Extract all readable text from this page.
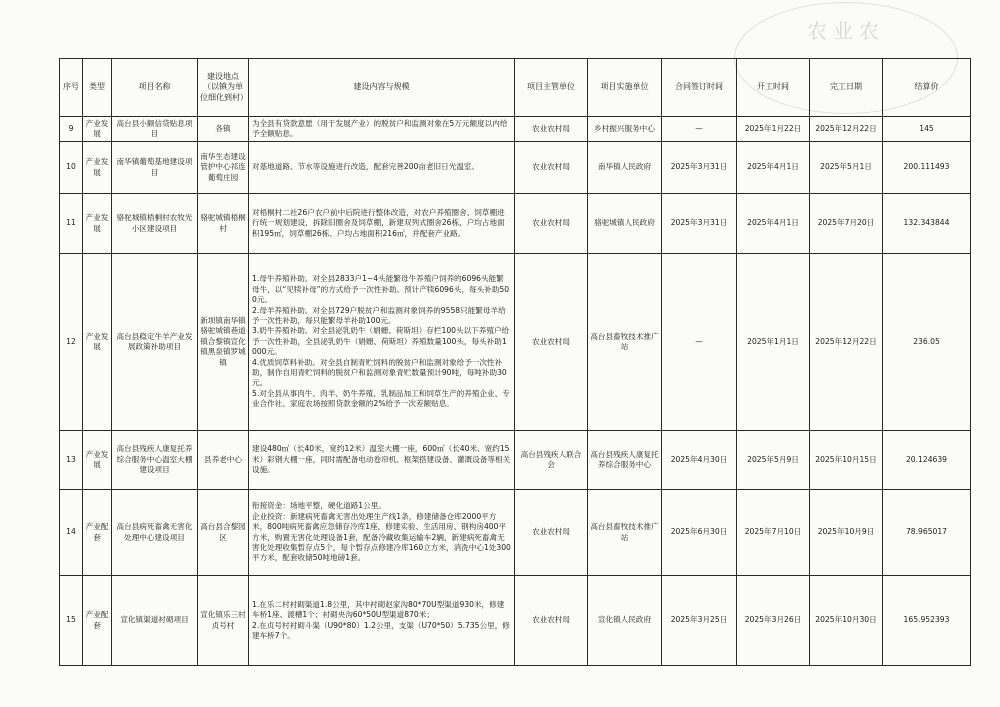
农业农
序号	类型	项目名称	建设地点（以镇为单位细化到村）	建设内容与规模	项目主管单位	项目实施单位	合同签订时间	开工时间	完工日期	结算价
9	产业发展	高台县小额信贷贴息项目	各镇	为全县有贷款意愿（用于发展产业）的脱贫户和监测对象在5万元额度以内给予全额贴息。	农业农村局	乡村振兴服务中心	—	2025年1月22日	2025年12月22日	145
10	产业发展	南华镇葡萄基地建设项目	南华生态建设管护中心祁连葡萄庄园	对基地道路、节水等设施进行改造，配套完善200亩老旧日光温室。	农业农村局	南华镇人民政府	2025年3月31日	2025年4月1日	2025年5月1日	200.111493
11	产业发展	骆驼城镇梧桐村农牧光小区建设项目	骆驼城镇梧桐村	对梧桐村二社26户农户前中后院进行整体改造，对农户养殖圈舍、饲草棚进行统一规划建设，拆除旧圈舍及饲草棚，新建双列式圈舍26栋，户均占地面积195㎡，饲草棚26栋、户均占地面积216㎡，并配套产业路。	农业农村局	骆驼城镇人民政府	2025年3月31日	2025年4月1日	2025年7月20日	132.343844
12	产业发展	高台县稳定牛羊产业发展政策补助项目	新坝镇南华镇骆驼城镇巷道镇合黎镇宣化镇黑泉镇罗城镇	1.母牛养殖补助。对全县2833户1~4头能繁母牛养殖户饲养的6096头能繁母牛，以“见犊补母”的方式给予一次性补助。预计产犊6096头，每头补助500元。
2.母羊养殖补助。对全县729户脱贫户和监测对象饲养的9558只能繁母羊给予一次性补助，每只能繁母羊补助100元。
3.奶牛养殖补助。对全县泌乳奶牛（娟姗、荷斯坦）存栏100头以下养殖户给予一次性补助，全县泌乳奶牛（娟姗、荷斯坦）养殖数量100头，每头补助1000元。
4.优质饲草料补助。对全县自制青贮饲料的脱贫户和监测对象给予一次性补助，制作自用青贮饲料的脱贫户和监测对象青贮数量预计90吨，每吨补助30元。
5.对全县从事肉牛、肉羊、奶牛养殖、乳制品加工和饲草生产的养殖企业、专业合作社、家庭农场按照贷款金额的2%给予一次差额贴息。	农业农村局	高台县畜牧技术推广站	—	2025年1月1日	2025年12月22日	236.05
13	产业发展	高台县残疾人康复托养综合服务中心温室大棚建设项目	县养老中心	建设480㎡（长40米，宽约12米）温室大棚一座，600㎡（长40米、宽约15米）彩钢大棚一座，同时需配备电动卷帘机、框架搭建设备、灌溉设备等相关设施。	高台县残疾人联合会	高台县残疾人康复托养综合服务中心	2025年4月30日	2025年5月9日	2025年10月15日	20.124639
14	产业配套	高台县病死畜禽无害化处理中心建设项目	高台县合黎园区	衔接资金：场地平整，硬化道路1公里。
企业投资：新建病死畜禽无害出处理生产线1条，修建储备仓库2000平方米，800吨病死畜禽应急储存冷库1座，修建实验、生活用房、钢构房400平方米，购置无害化处理设备1套，配备冷藏收集运输车2辆，新建病死畜禽无害化处理收集暂存点5个，每个暂存点修建冷库160立方米，消洗中心1处300平方米，配套收储50吨地磅1套。	农业农村局	高台县畜牧技术推广站	2025年6月30日	2025年7月10日	2025年10月9日	78.965017
15	产业配套	宣化镇渠道衬砌项目	宣化镇乐三村贞号村	1.在乐二村衬砌渠道1.8公里，其中衬砌赵家沟80*70U型渠道930米，修建车桥1座、渡槽1个；衬砌央沟60*50U型渠道870米；
2.在贞号村衬砌斗渠（U90*80）1.2公里，支渠（U70*50）5.735公里，修建车桥7个。	农业农村局	宣化镇人民政府	2025年3月25日	2025年3月26日	2025年10月30日	165.952393
